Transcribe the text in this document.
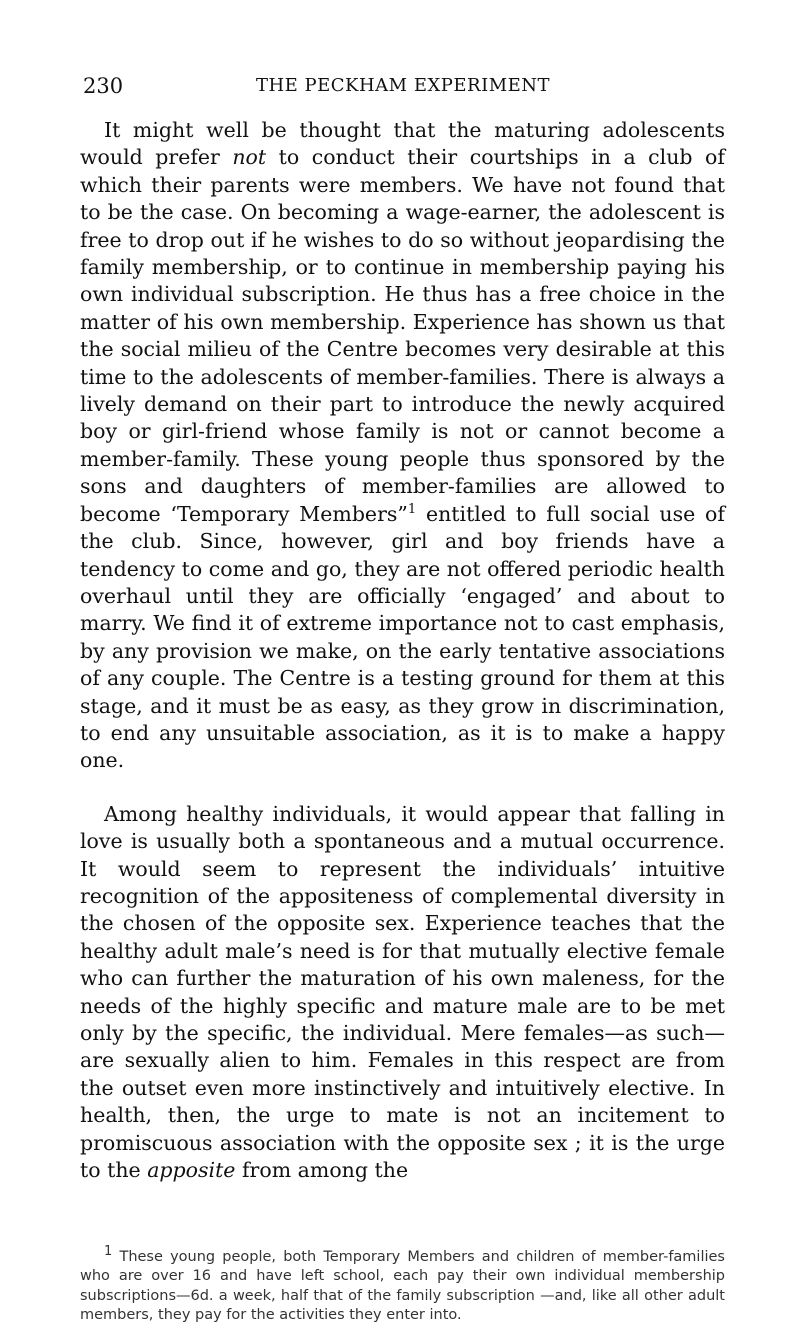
230	THE PECKHAM EXPERIMENT

It might well be thought that the maturing adolescents would prefer not to conduct their courtships in a club of which their parents were members. We have not found that to be the case. On becoming a wage-earner, the adolescent is free to drop out if he wishes to do so without jeopardising the family membership, or to continue in membership paying his own individual subscription. He thus has a free choice in the matter of his own membership. Experience has shown us that the social milieu of the Centre becomes very desirable at this time to the adolescents of member-families. There is always a lively demand on their part to introduce the newly acquired boy or girl-friend whose family is not or cannot become a member-family. These young people thus sponsored by the sons and daughters of member-families are allowed to become ‘Temporary Members”$^1$ entitled to full social use of the club. Since, however, girl and boy friends have a tendency to come and go, they are not offered periodic health overhaul until they are officially ‘engaged’ and about to marry. We find it of extreme importance not to cast emphasis, by any provision we make, on the early tentative associations of any couple. The Centre is a testing ground for them at this stage, and it must be as easy, as they grow in discrimination, to end any unsuitable association, as it is to make a happy one.

Among healthy individuals, it would appear that falling in love is usually both a spontaneous and a mutual occurrence. It would seem to represent the individuals’ intuitive recognition of the appositeness of complemental diversity in the chosen of the opposite sex. Experience teaches that the healthy adult male’s need is for that mutually elective female who can further the maturation of his own maleness, for the needs of the highly specific and mature male are to be met only by the specific, the individual. Mere females—as such—are sexually alien to him. Females in this respect are from the outset even more instinctively and intuitively elective. In health, then, the urge to mate is not an incitement to promiscuous association with the opposite sex ; it is the urge to the apposite from among the

1 These young people, both Temporary Members and children of member-families who are over 16 and have left school, each pay their own individual membership subscriptions—6d. a week, half that of the family subscription —and, like all other adult members, they pay for the activities they enter into.
